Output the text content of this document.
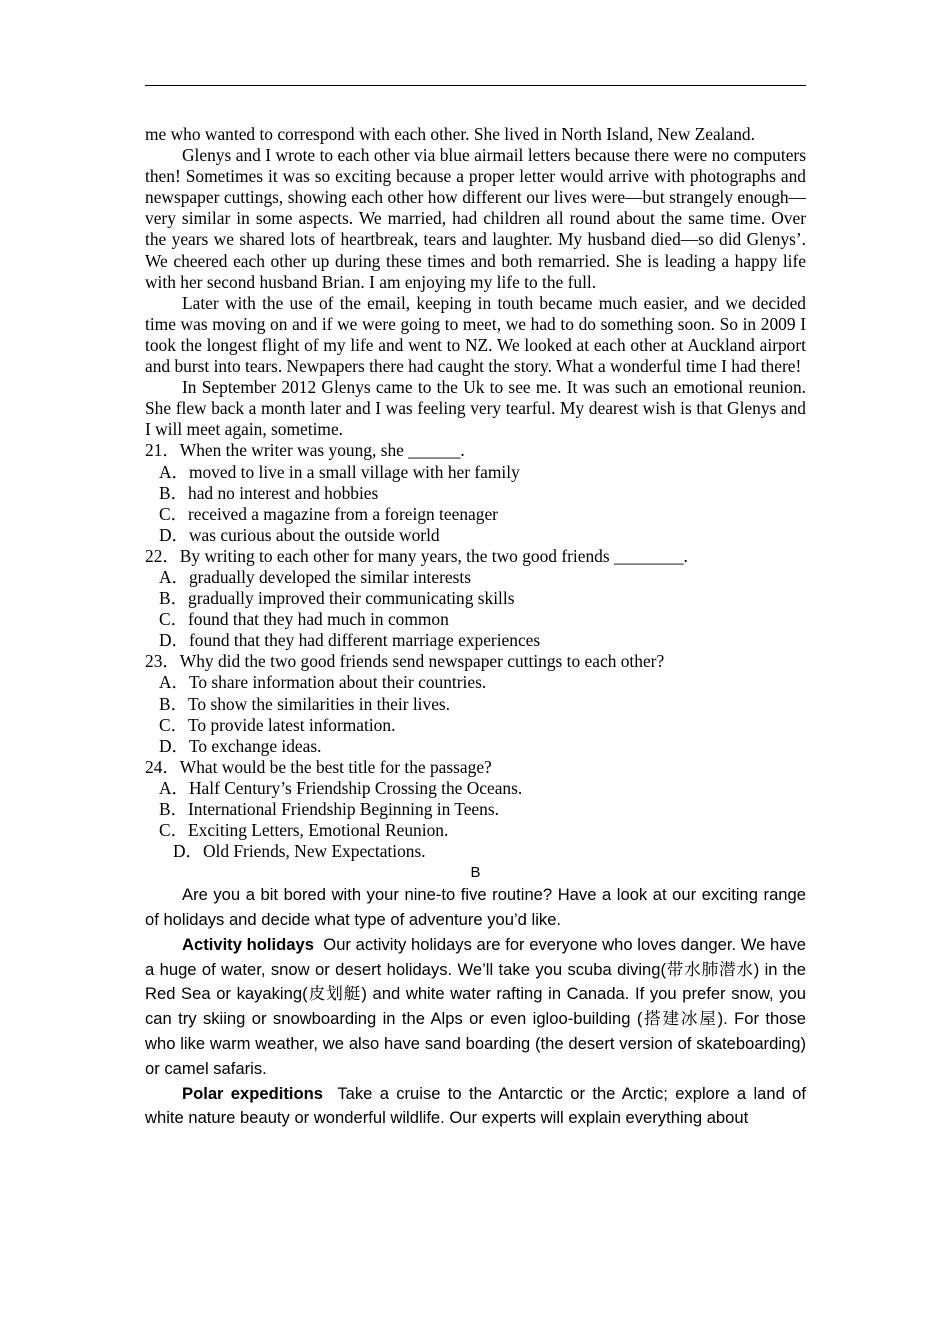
me who wanted to correspond with each other. She lived in North Island, New Zealand.

Glenys and I wrote to each other via blue airmail letters because there were no computers then! Sometimes it was so exciting because a proper letter would arrive with photographs and newspaper cuttings, showing each other how different our lives were—but strangely enough—very similar in some aspects. We married, had children all round about the same time. Over the years we shared lots of heartbreak, tears and laughter. My husband died—so did Glenys’. We cheered each other up during these times and both remarried. She is leading a happy life with her second husband Brian. I am enjoying my life to the full.

Later with the use of the email, keeping in touth became much easier, and we decided time was moving on and if we were going to meet, we had to do something soon. So in 2009 I took the longest flight of my life and went to NZ. We looked at each other at Auckland airport and burst into tears. Newpapers there had caught the story. What a wonderful time I had there!

In September 2012 Glenys came to the Uk to see me. It was such an emotional reunion. She flew back a month later and I was feeling very tearful. My dearest wish is that Glenys and I will meet again, sometime.

21．When the writer was young, she ______.

A．moved to live in a small village with her family

B．had no interest and hobbies

C．received a magazine from a foreign teenager

D．was curious about the outside world

22．By writing to each other for many years, the two good friends ________.

A．gradually developed the similar interests

B．gradually improved their communicating skills

C．found that they had much in common

D．found that they had different marriage experiences

23．Why did the two good friends send newspaper cuttings to each other?

A．To share information about their countries.

B．To show the similarities in their lives.

C．To provide latest information.

D．To exchange ideas.

24．What would be the best title for the passage?

A．Half Century’s Friendship Crossing the Oceans.

B．International Friendship Beginning in Teens.

C．Exciting Letters, Emotional Reunion.

D．Old Friends, New Expectations.

B

Are you a bit bored with your nine-to five routine? Have a look at our exciting range of holidays and decide what type of adventure you’d like.

Activity holidays Our activity holidays are for everyone who loves danger. We have a huge of water, snow or desert holidays. We’ll take you scuba diving(带水肺潜水) in the Red Sea or kayaking(皮划艇) and white water rafting in Canada. If you prefer snow, you can try skiing or snowboarding in the Alps or even igloo-building (搭建冰屋). For those who like warm weather, we also have sand boarding (the desert version of skateboarding) or camel safaris.

Polar expeditions Take a cruise to the Antarctic or the Arctic; explore a land of white nature beauty or wonderful wildlife. Our experts will explain everything about
